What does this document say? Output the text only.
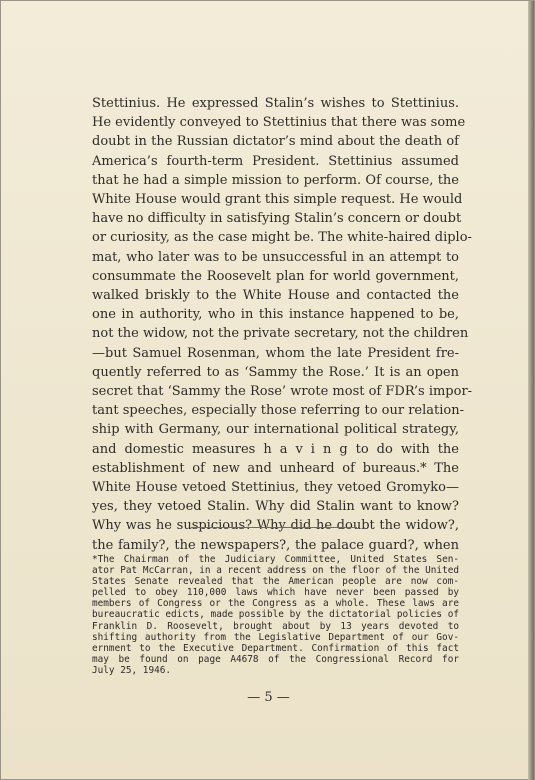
Stettinius. He expressed Stalin’s wishes to Stettinius.
He evidently conveyed to Stettinius that there was some
doubt in the Russian dictator’s mind about the death of
America’s fourth-term President. Stettinius assumed
that he had a simple mission to perform. Of course, the
White House would grant this simple request. He would
have no difficulty in satisfying Stalin’s concern or doubt
or curiosity, as the case might be. The white-haired diplo-
mat, who later was to be unsuccessful in an attempt to
consummate the Roosevelt plan for world government,
walked briskly to the White House and contacted the
one in authority, who in this instance happened to be,
not the widow, not the private secretary, not the children
—but Samuel Rosenman, whom the late President fre-
quently referred to as ‘Sammy the Rose.’ It is an open
secret that ‘Sammy the Rose’ wrote most of FDR’s impor-
tant speeches, especially those referring to our relation-
ship with Germany, our international political strategy,
and domestic measures h a v i n g to do with the
establishment of new and unheard of bureaus.* The
White House vetoed Stettinius, they vetoed Gromyko—
yes, they vetoed Stalin. Why did Stalin want to know?
Why was he suspicious? Why did he doubt the widow?,
the family?, the newspapers?, the palace guard?, when
*The Chairman of the Judiciary Committee, United States Sen-
ator Pat McCarran, in a recent address on the floor of the United
States Senate revealed that the American people are now com-
pelled to obey 110,000 laws which have never been passed by
members of Congress or the Congress as a whole. These laws are
bureaucratic edicts, made possible by the dictatorial policies of
Franklin D. Roosevelt, brought about by 13 years devoted to
shifting authority from the Legislative Department of our Gov-
ernment to the Executive Department. Confirmation of this fact
may be found on page A4678 of the Congressional Record for
July 25, 1946.
— 5 —
